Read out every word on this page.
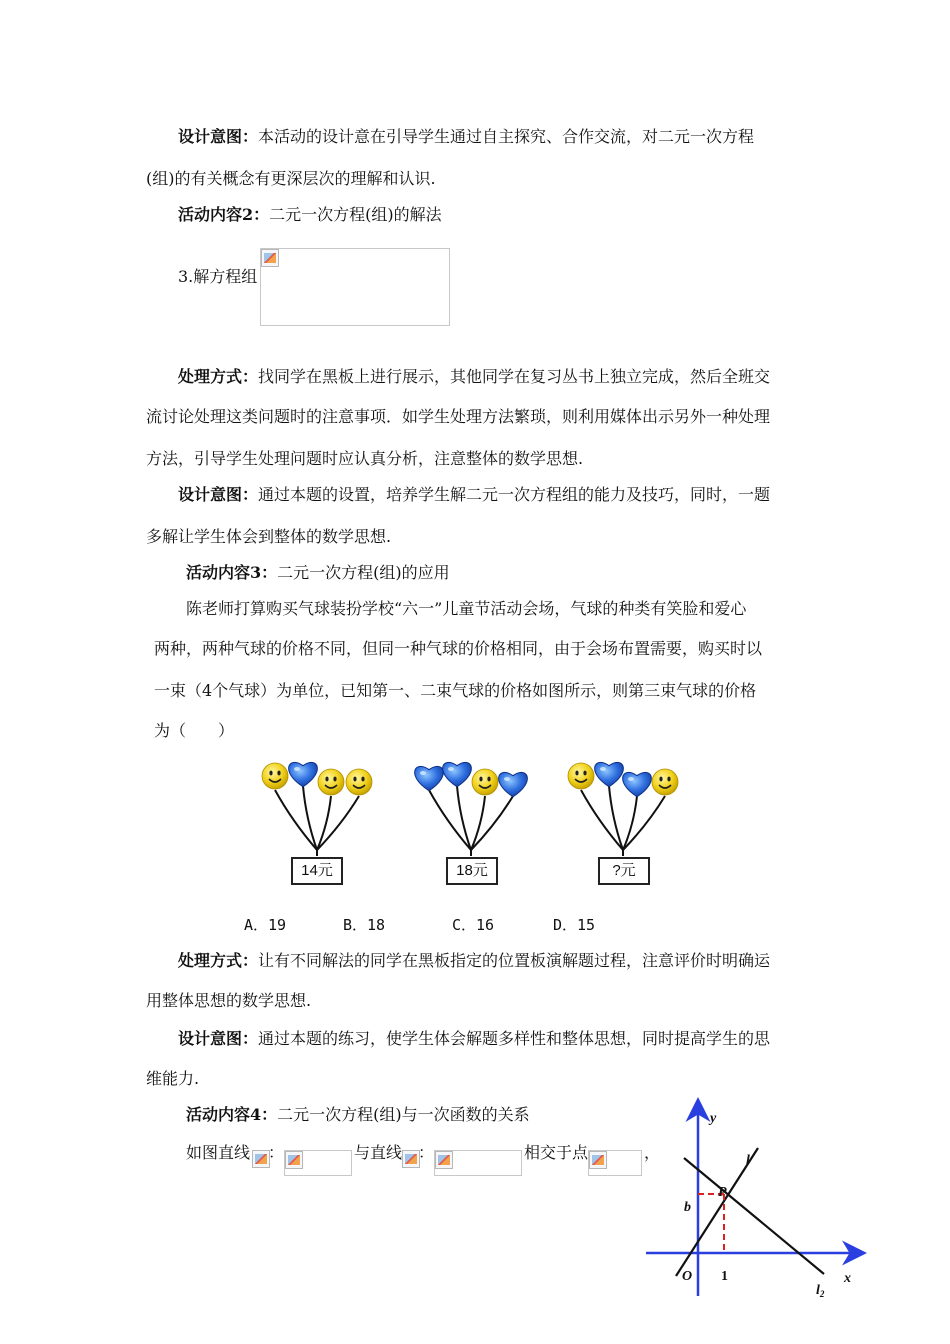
设计意图：本活动的设计意在引导学生通过自主探究、合作交流，对二元一次方程
(组)的有关概念有更深层次的理解和认识.
活动内容2：二元一次方程(组)的解法
3.解方程组
处理方式：找同学在黑板上进行展示，其他同学在复习丛书上独立完成，然后全班交
流讨论处理这类问题时的注意事项．如学生处理方法繁琐，则利用媒体出示另外一种处理
方法，引导学生处理问题时应认真分析，注意整体的数学思想.
设计意图：通过本题的设置，培养学生解二元一次方程组的能力及技巧，同时，一题
多解让学生体会到整体的数学思想.
活动内容3：二元一次方程(组)的应用
陈老师打算购买气球装扮学校“六一”儿童节活动会场，气球的种类有笑脸和爱心
两种，两种气球的价格不同，但同一种气球的价格相同，由于会场布置需要，购买时以
一束（4个气球）为单位，已知第一、二束气球的价格如图所示，则第三束气球的价格
为（　　）
14元	18元	?元
A．19	B．18	C．16	D．15
处理方式：让有不同解法的同学在黑板指定的位置板演解题过程，注意评价时明确运
用整体思想的数学思想.
设计意图：通过本题的练习，使学生体会解题多样性和整体思想，同时提高学生的思
维能力.
活动内容4：二元一次方程(组)与一次函数的关系
如图直线 ：	与直线 ：	相交于点	，
y
x
O
b
1
P
l
$l_2$
